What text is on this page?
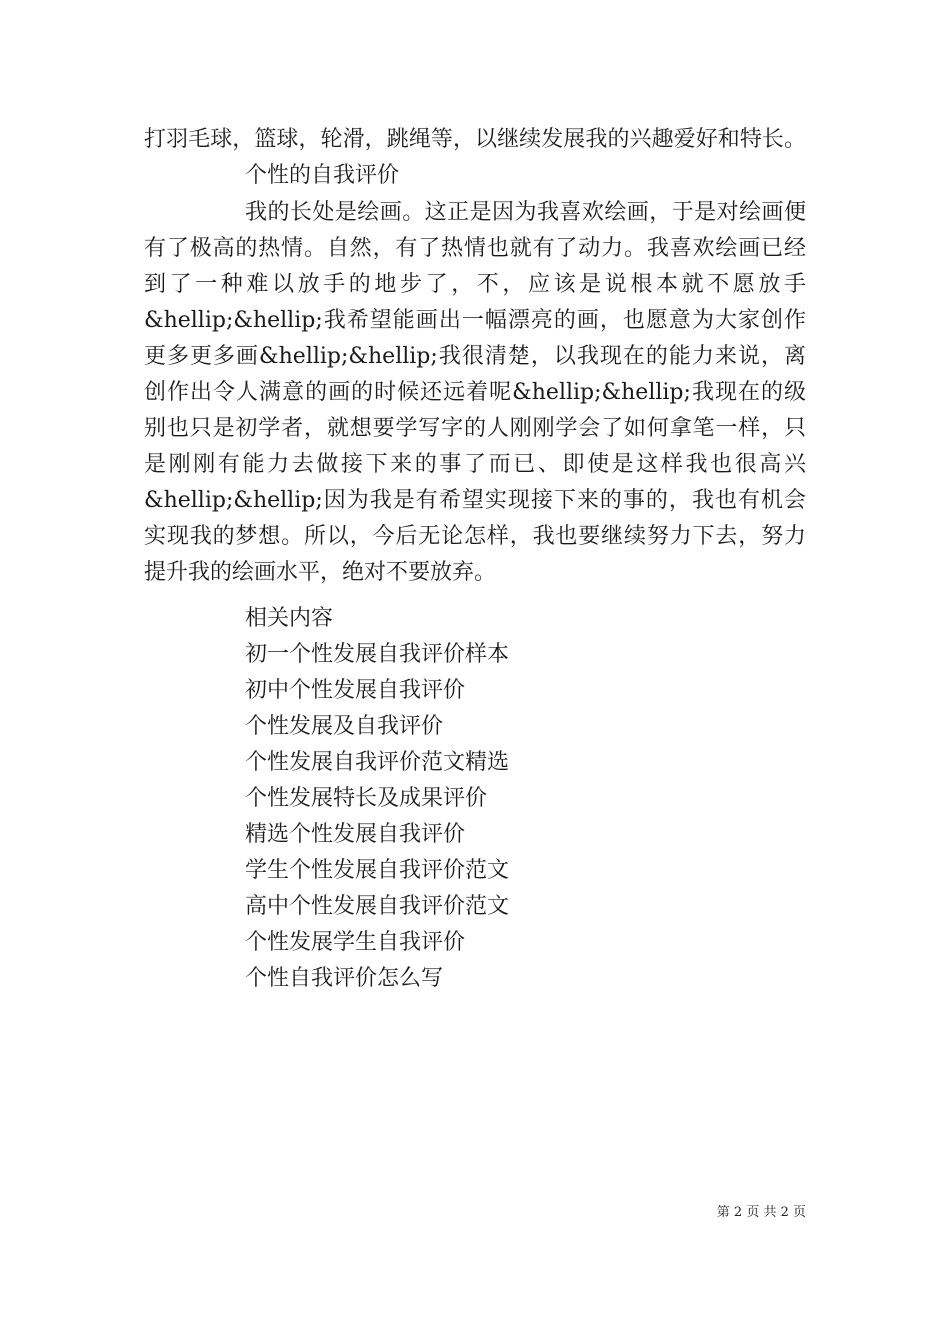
打羽毛球，篮球，轮滑，跳绳等，以继续发展我的兴趣爱好和特长。
个性的自我评价
我的长处是绘画。这正是因为我喜欢绘画，于是对绘画便
有了极高的热情。自然，有了热情也就有了动力。我喜欢绘画已经
到了一种难以放手的地步了，不，应该是说根本就不愿放手
&hellip;&hellip;我希望能画出一幅漂亮的画，也愿意为大家创作
更多更多画&hellip;&hellip;我很清楚，以我现在的能力来说，离
创作出令人满意的画的时候还远着呢&hellip;&hellip;我现在的级
别也只是初学者，就想要学写字的人刚刚学会了如何拿笔一样，只
是刚刚有能力去做接下来的事了而已、即使是这样我也很高兴
&hellip;&hellip;因为我是有希望实现接下来的事的，我也有机会
实现我的梦想。所以，今后无论怎样，我也要继续努力下去，努力
提升我的绘画水平，绝对不要放弃。
相关内容
初一个性发展自我评价样本
初中个性发展自我评价
个性发展及自我评价
个性发展自我评价范文精选
个性发展特长及成果评价
精选个性发展自我评价
学生个性发展自我评价范文
高中个性发展自我评价范文
个性发展学生自我评价
个性自我评价怎么写
第 2 页 共 2 页
